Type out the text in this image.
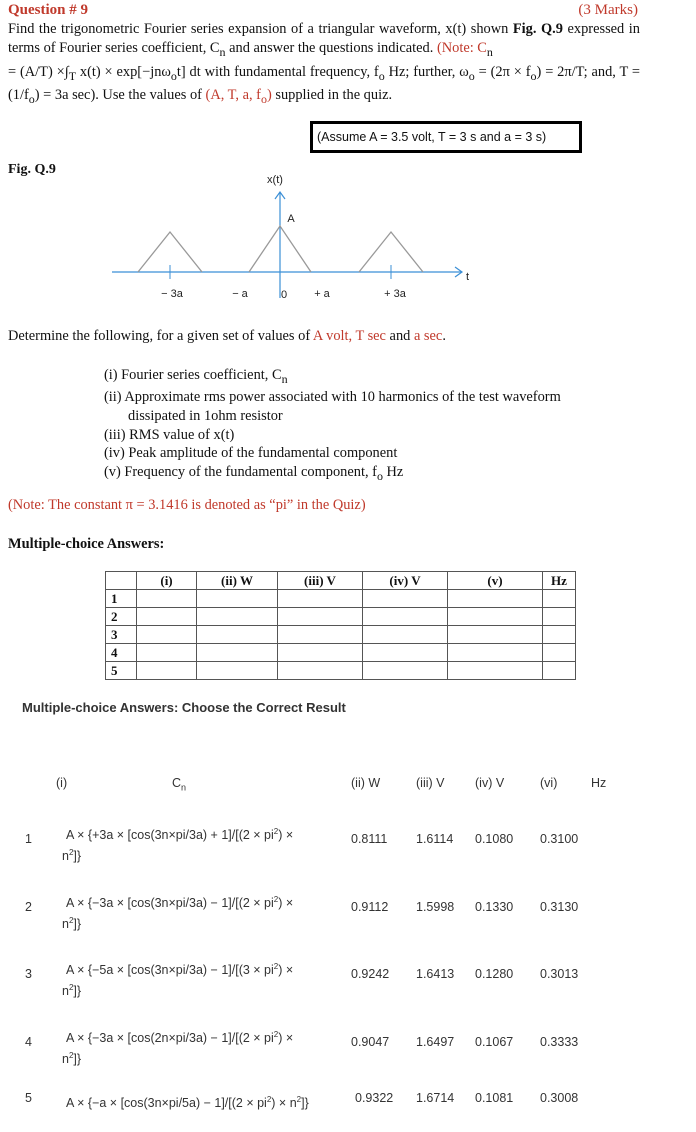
Question # 9	(3 Marks)
Find the trigonometric Fourier series expansion of a triangular waveform, x(t) shown Fig. Q.9 expressed in terms of Fourier series coefficient, $C_n$ and answer the questions indicated. (Note: $C_n$
= $(A/T) \times\int_T$ x(t) × exp[−jnω$_o$t] dt with fundamental frequency, $f_o$ Hz; further, $\omega_o = (2\pi \times f_o) = 2\pi/T$; and, $T = (1/f_o) = 3a$ sec). Use the values of (A, T, a, $f_o$) supplied in the quiz.
(Assume A = 3.5 volt, T = 3 s and a = 3 s)
Fig. Q.9
x(t)
A
t
− 3a	− a	0 + a	+ 3a
Determine the following, for a given set of values of A volt, T sec and a sec.
(i) Fourier series coefficient, $C_n$
(ii) Approximate rms power associated with 10 harmonics of the test waveform
dissipated in 1ohm resistor
(iii) RMS value of x(t)
(iv) Peak amplitude of the fundamental component
(v) Frequency of the fundamental component, $f_o$ Hz
(Note: The constant π = 3.1416 is denoted as “pi” in the Quiz)
Multiple-choice Answers:
	(i)	(ii) W	(iii) V	(iv) V	(v)	Hz
1						
2						
3						
4						
5						
Multiple-choice Answers: Choose the Correct Result
(i)	$C_n$	(ii) W	(iii) V (iv) V	(vi)	Hz
1	$A \times \{+3a \times [\cos(3n\times pi/3a) + 1]/[(2 \times pi^2)$ ×
$n^2$]}
0.8111 1.6114 0.1080 0.3100
2	$A \times \{-3a \times [\cos(3n\times pi/3a) - 1]/[(2 \times pi^2)$ ×
$n^2$]}
0.9112 1.5998 0.1330 0.3130
3	$A \times \{-5a \times [\cos(3n\times pi/3a) - 1]/[(3 \times pi^2)$ ×
$n^2$]}
0.9242 1.6413 0.1280 0.3013
4	$A \times \{-3a \times [\cos(2n\times pi/3a) - 1]/[(2 \times pi^2)$ ×
$n^2$]}
0.9047 1.6497 0.1067 0.3333
5	$A \times \{-a \times [\cos(3n\times pi/5a) - 1]/[(2 \times pi^2) \times n^2]\}$	0.9322 1.6714 0.1081 0.3008
